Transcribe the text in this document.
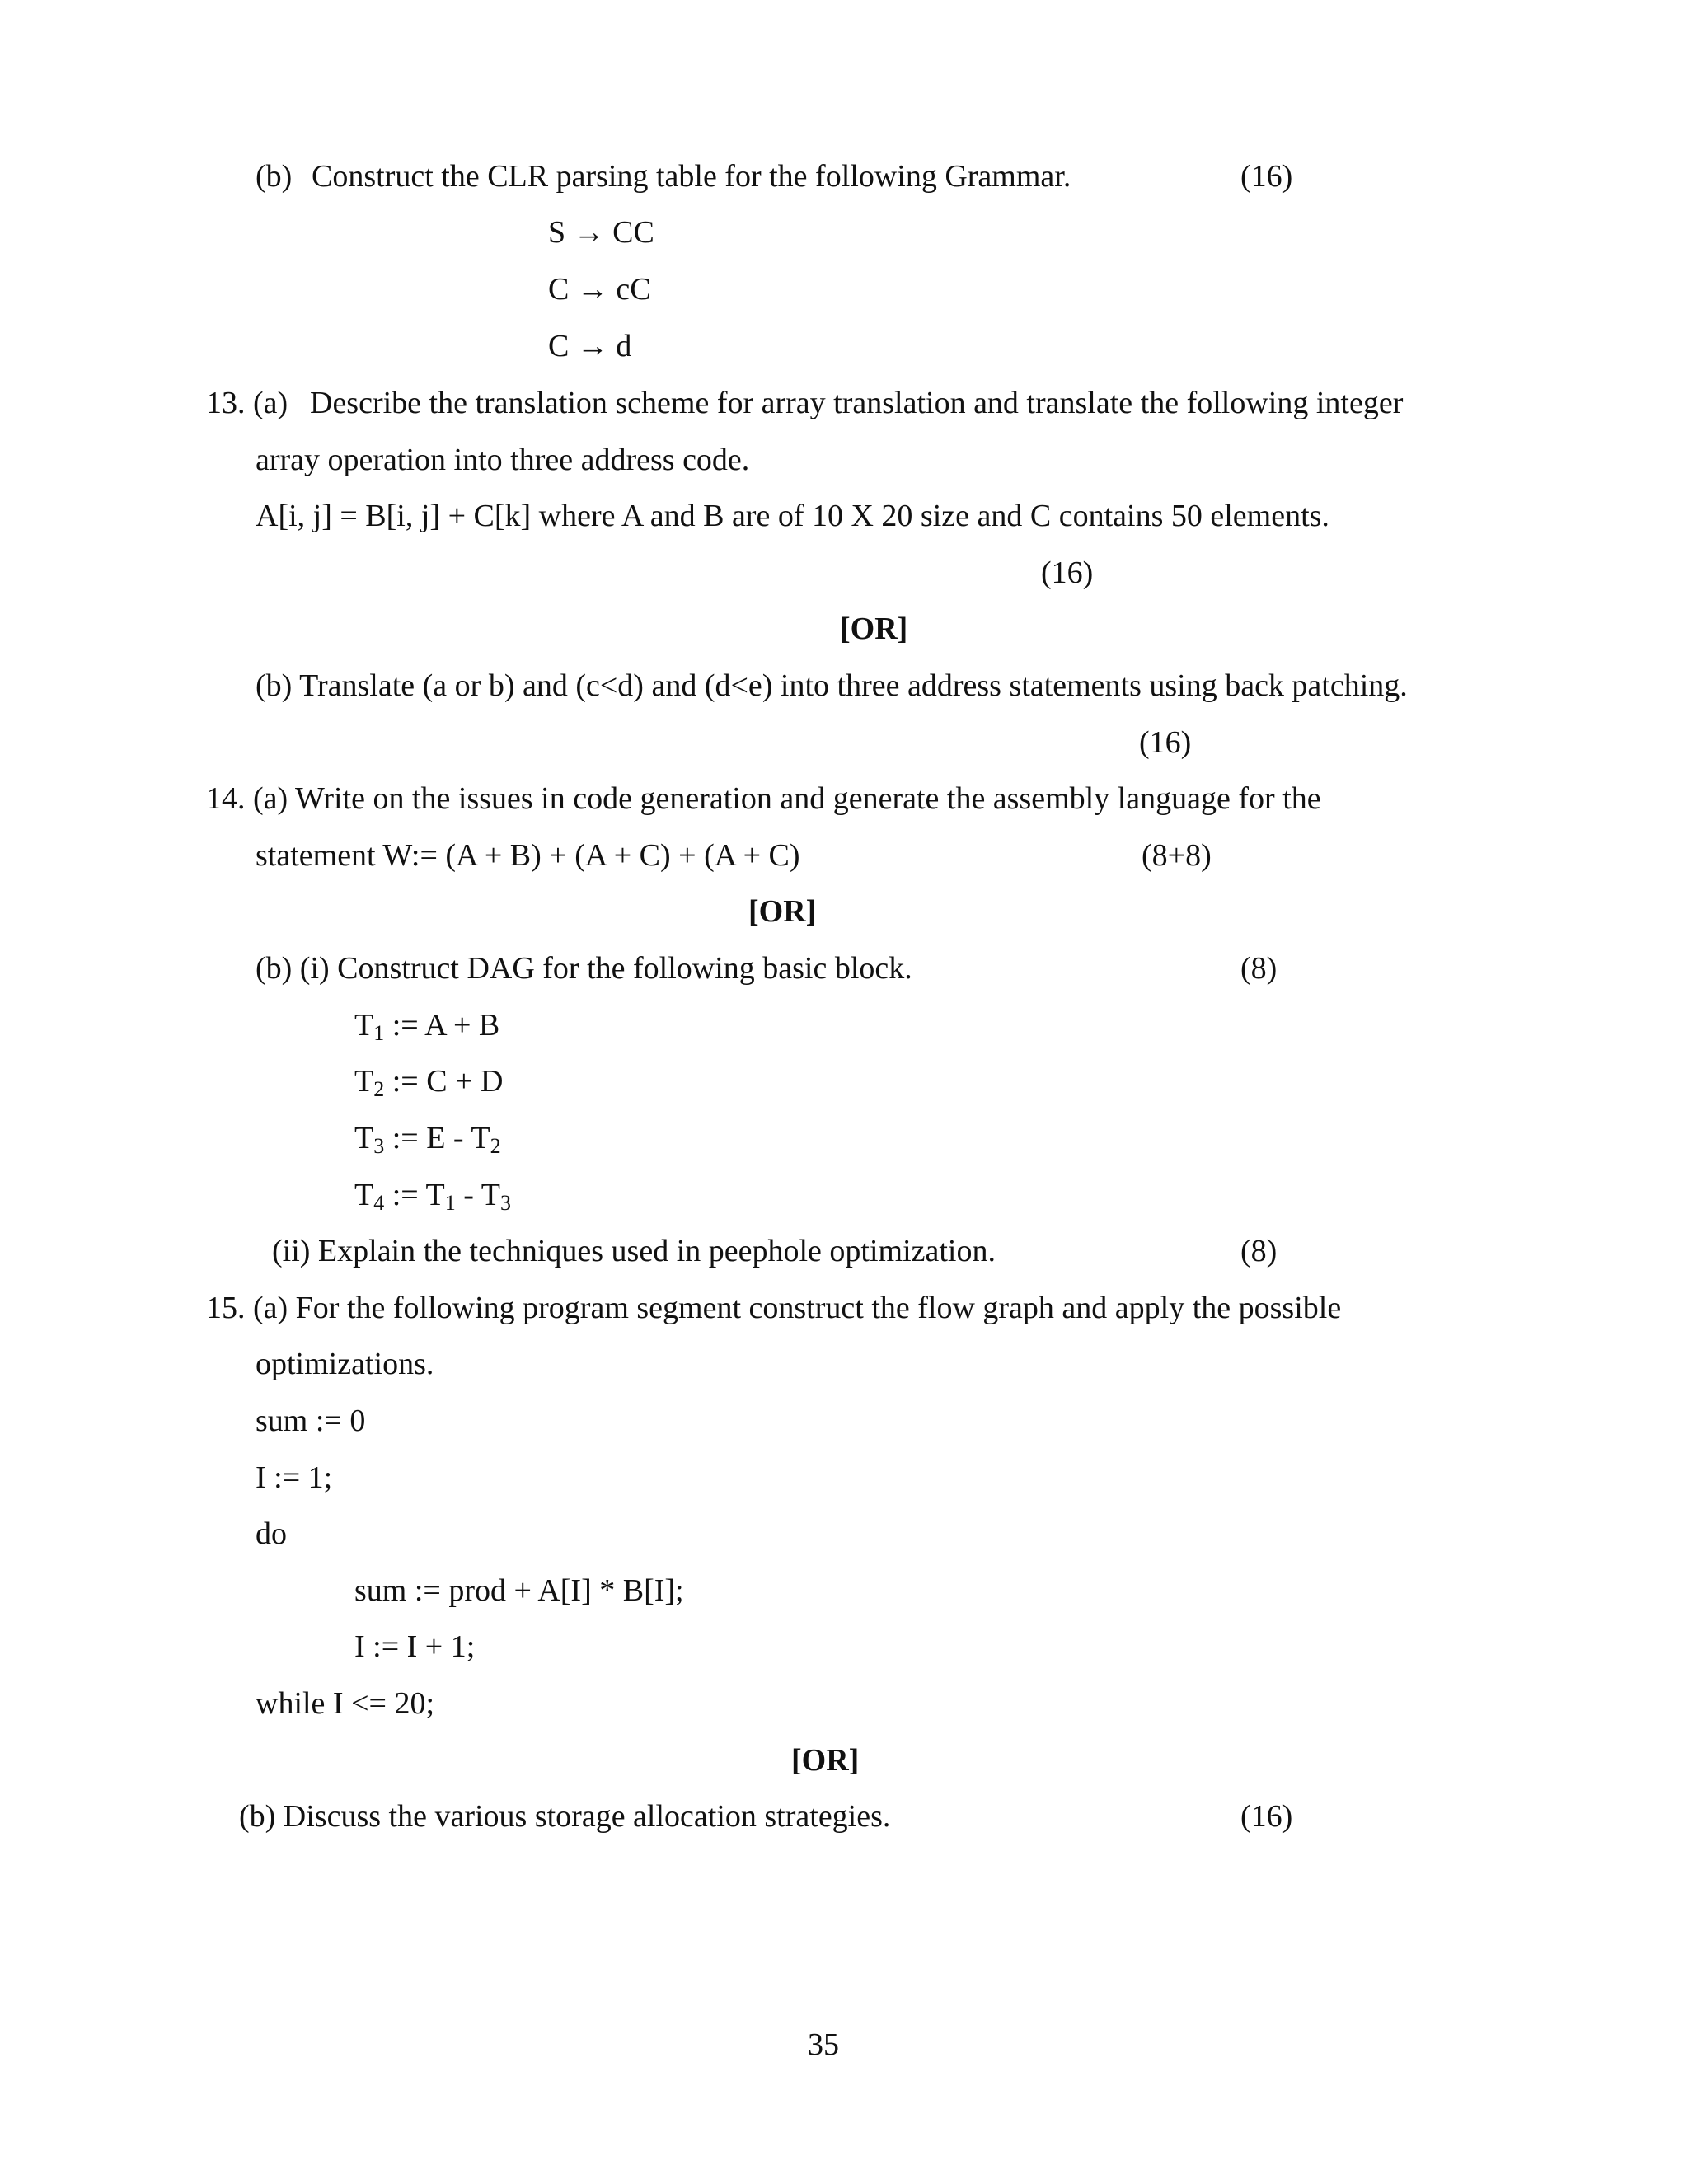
(b) Construct the CLR parsing table for the following Grammar.	(16)
S → CC
C → cC
C → d
13. (a) Describe the translation scheme for array translation and translate the following integer
array operation into three address code.
A[i, j] = B[i, j] + C[k] where A and B are of 10 X 20 size and C contains 50 elements.
(16)
[OR]
(b) Translate (a or b) and (c<d) and (d<e) into three address statements using back patching.
(16)
14. (a) Write on the issues in code generation and generate the assembly language for the
statement W:= (A + B) + (A + C) + (A + C)	(8+8)
[OR]
(b) (i) Construct DAG for the following basic block.	(8)
$T_1$ := A + B
$T_2$ := C + D
$T_3$ := E - $T_2$
$T_4$ := $T_1 - T_3$
(ii) Explain the techniques used in peephole optimization.	(8)
15. (a) For the following program segment construct the flow graph and apply the possible
optimizations.
sum := 0
I := 1;
do
sum := prod + A[I] * B[I];
I := I + 1;
while I <= 20;
[OR]
(b) Discuss the various storage allocation strategies.	(16)
35
